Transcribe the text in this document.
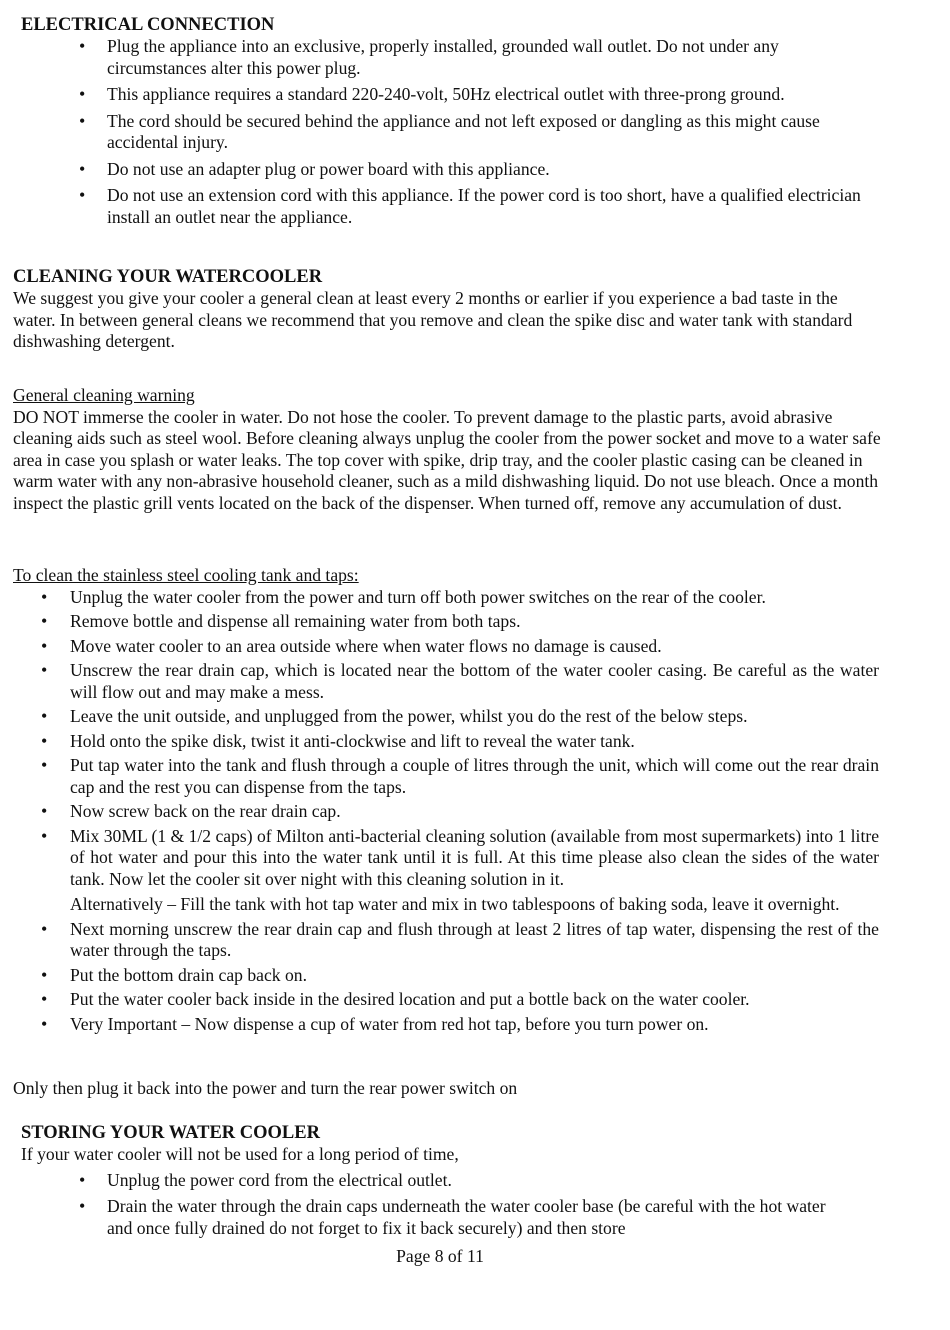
ELECTRICAL CONNECTION
• Plug the appliance into an exclusive, properly installed, grounded wall outlet. Do not under any circumstances alter this power plug.
• This appliance requires a standard 220-240-volt, 50Hz electrical outlet with three-prong ground.
• The cord should be secured behind the appliance and not left exposed or dangling as this might cause accidental injury.
• Do not use an adapter plug or power board with this appliance.
• Do not use an extension cord with this appliance. If the power cord is too short, have a qualified electrician install an outlet near the appliance.
CLEANING YOUR WATERCOOLER

We suggest you give your cooler a general clean at least every 2 months or earlier if you experience a bad taste in the water. In between general cleans we recommend that you remove and clean the spike disc and water tank with standard dishwashing detergent.

General cleaning warning

DO NOT immerse the cooler in water. Do not hose the cooler. To prevent damage to the plastic parts, avoid abrasive cleaning aids such as steel wool. Before cleaning always unplug the cooler from the power socket and move to a water safe area in case you splash or water leaks. The top cover with spike, drip tray, and the cooler plastic casing can be cleaned in warm water with any non-abrasive household cleaner, such as a mild dishwashing liquid. Do not use bleach. Once a month inspect the plastic grill vents located on the back of the dispenser. When turned off, remove any accumulation of dust.

To clean the stainless steel cooling tank and taps:

• Unplug the water cooler from the power and turn off both power switches on the rear of the cooler.
• Remove bottle and dispense all remaining water from both taps.
• Move water cooler to an area outside where when water flows no damage is caused.
• Unscrew the rear drain cap, which is located near the bottom of the water cooler casing. Be careful as the water will flow out and may make a mess.
• Leave the unit outside, and unplugged from the power, whilst you do the rest of the below steps.
• Hold onto the spike disk, twist it anti-clockwise and lift to reveal the water tank.
• Put tap water into the tank and flush through a couple of litres through the unit, which will come out the rear drain cap and the rest you can dispense from the taps.
• Now screw back on the rear drain cap.
• Mix 30ML (1 & 1/2 caps) of Milton anti-bacterial cleaning solution (available from most supermarkets) into 1 litre of hot water and pour this into the water tank until it is full. At this time please also clean the sides of the water tank. Now let the cooler sit over night with this cleaning solution in it.

Alternatively – Fill the tank with hot tap water and mix in two tablespoons of baking soda, leave it overnight.

• Next morning unscrew the rear drain cap and flush through at least 2 litres of tap water, dispensing the rest of the water through the taps.
• Put the bottom drain cap back on.
• Put the water cooler back inside in the desired location and put a bottle back on the water cooler.
• Very Important – Now dispense a cup of water from red hot tap, before you turn power on.

Only then plug it back into the power and turn the rear power switch on

STORING YOUR WATER COOLER

If your water cooler will not be used for a long period of time,

• Unplug the power cord from the electrical outlet.
• Drain the water through the drain caps underneath the water cooler base (be careful with the hot water and once fully drained do not forget to fix it back securely) and then store
Page 8 of 11
